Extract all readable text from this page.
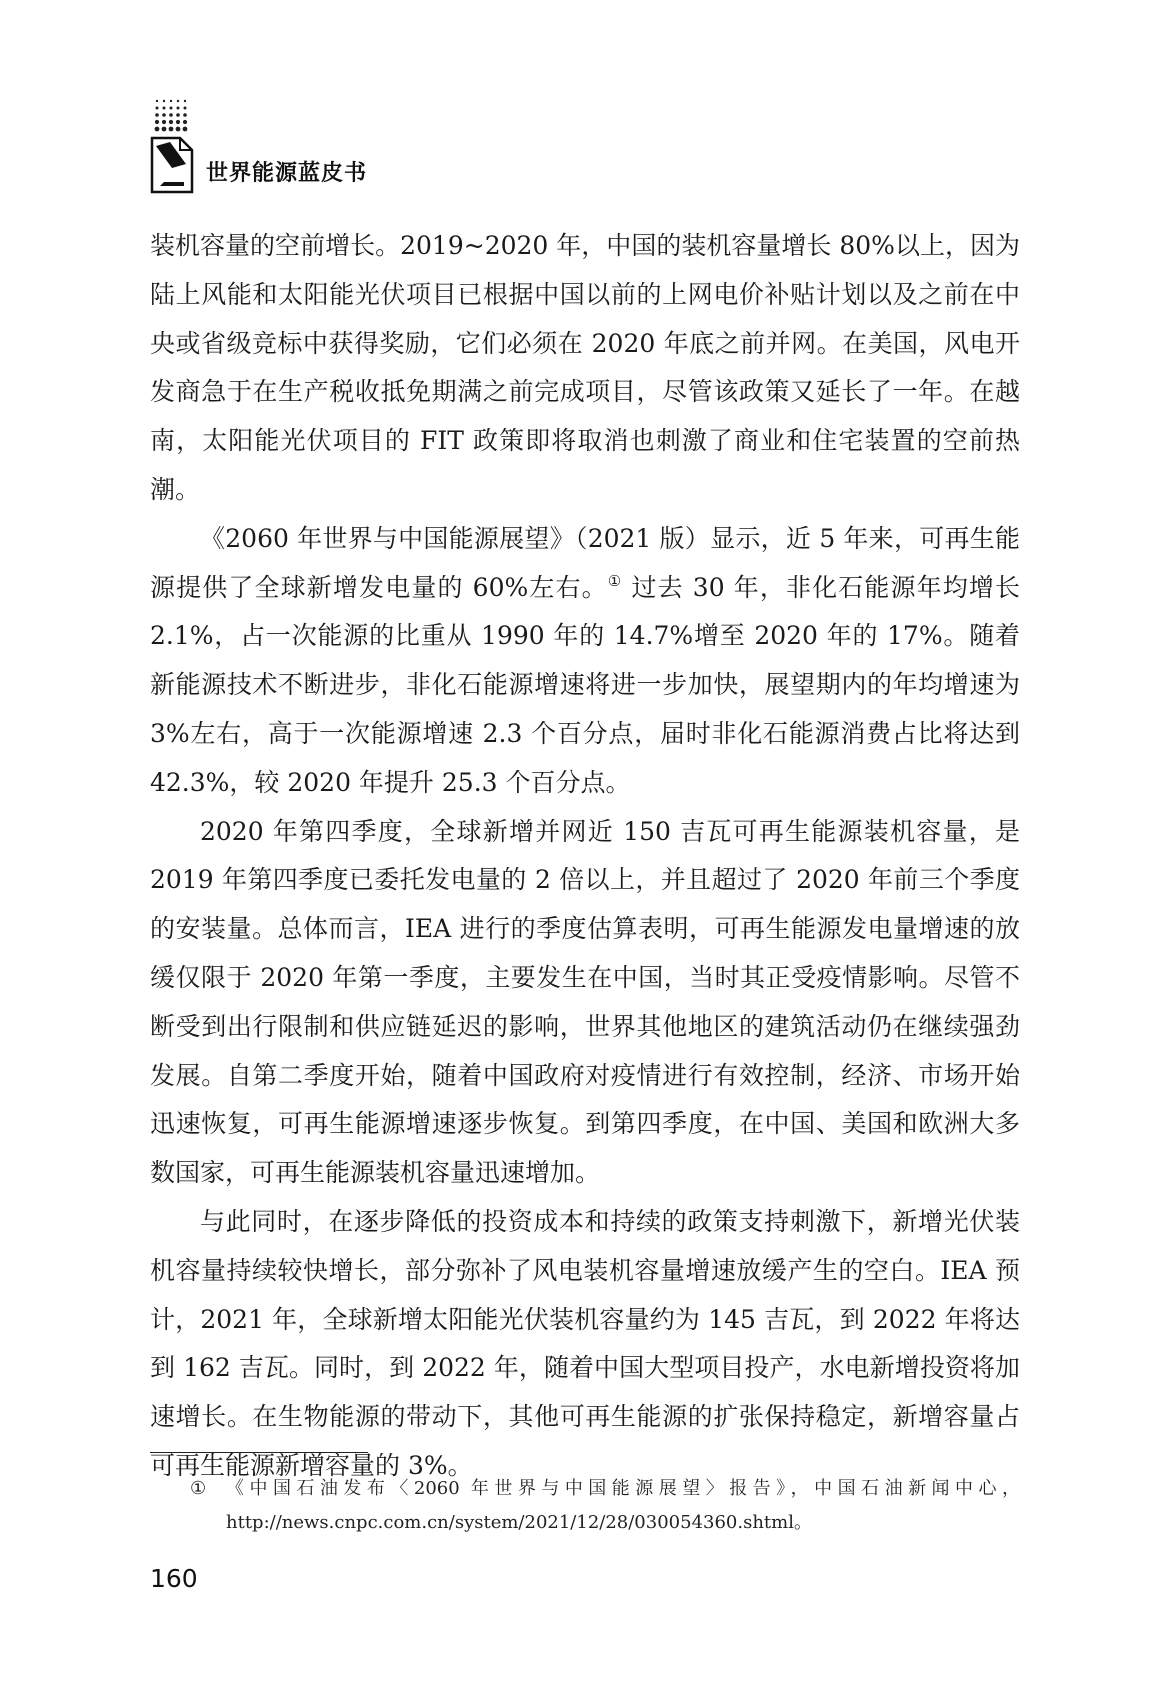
世界能源蓝皮书

装机容量的空前增长。2019~2020 年，中国的装机容量增长 80%以上，因为陆上风能和太阳能光伏项目已根据中国以前的上网电价补贴计划以及之前在中央或省级竞标中获得奖励，它们必须在 2020 年底之前并网。在美国，风电开发商急于在生产税收抵免期满之前完成项目，尽管该政策又延长了一年。在越南，太阳能光伏项目的 FIT 政策即将取消也刺激了商业和住宅装置的空前热潮。

《2060 年世界与中国能源展望》（2021 版）显示，近 5 年来，可再生能源提供了全球新增发电量的 60%左右。① 过去 30 年，非化石能源年均增长 2.1%，占一次能源的比重从 1990 年的 14.7%增至 2020 年的 17%。随着新能源技术不断进步，非化石能源增速将进一步加快，展望期内的年均增速为 3%左右，高于一次能源增速 2.3 个百分点，届时非化石能源消费占比将达到 42.3%，较 2020 年提升 25.3 个百分点。

2020 年第四季度，全球新增并网近 150 吉瓦可再生能源装机容量，是 2019 年第四季度已委托发电量的 2 倍以上，并且超过了 2020 年前三个季度的安装量。总体而言，IEA 进行的季度估算表明，可再生能源发电量增速的放缓仅限于 2020 年第一季度，主要发生在中国，当时其正受疫情影响。尽管不断受到出行限制和供应链延迟的影响，世界其他地区的建筑活动仍在继续强劲发展。自第二季度开始，随着中国政府对疫情进行有效控制，经济、市场开始迅速恢复，可再生能源增速逐步恢复。到第四季度，在中国、美国和欧洲大多数国家，可再生能源装机容量迅速增加。

与此同时，在逐步降低的投资成本和持续的政策支持刺激下，新增光伏装机容量持续较快增长，部分弥补了风电装机容量增速放缓产生的空白。IEA 预计，2021 年，全球新增太阳能光伏装机容量约为 145 吉瓦，到 2022 年将达到 162 吉瓦。同时，到 2022 年，随着中国大型项目投产，水电新增投资将加速增长。在生物能源的带动下，其他可再生能源的扩张保持稳定，新增容量占可再生能源新增容量的 3%。

①	《中国石油发布〈2060 年世界与中国能源展望〉报告》，中国石油新闻中心，http://news.cnpc.com.cn/system/2021/12/28/030054360.shtml。
160
